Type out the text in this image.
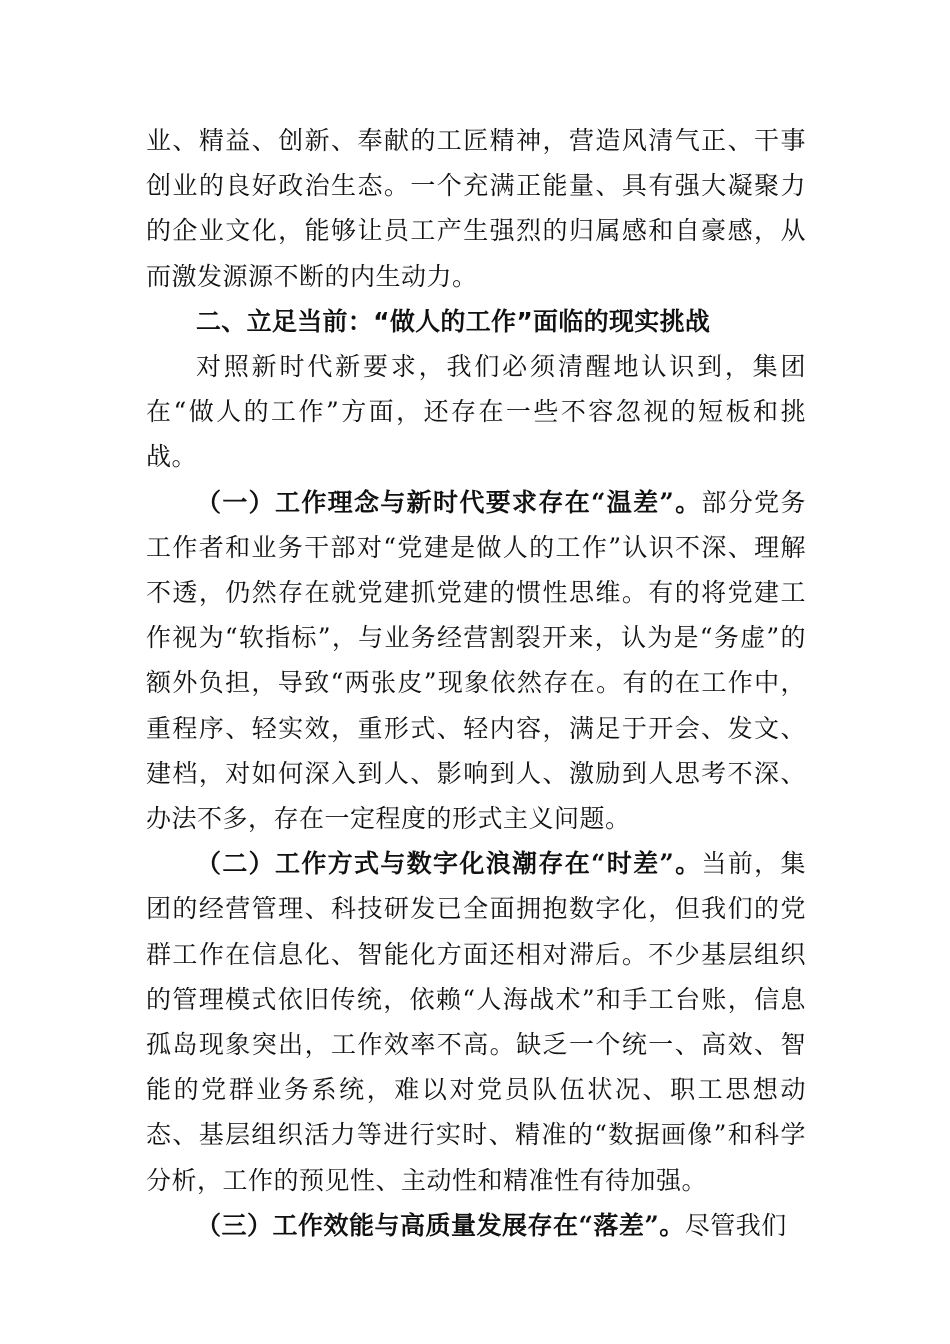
业、精益、创新、奉献的工匠精神，营造风清气正、干事创业的良好政治生态。一个充满正能量、具有强大凝聚力的企业文化，能够让员工产生强烈的归属感和自豪感，从而激发源源不断的内生动力。

二、立足当前：“做人的工作”面临的现实挑战

对照新时代新要求，我们必须清醒地认识到，集团在“做人的工作”方面，还存在一些不容忽视的短板和挑战。

（一）工作理念与新时代要求存在“温差”。部分党务工作者和业务干部对“党建是做人的工作”认识不深、理解不透，仍然存在就党建抓党建的惯性思维。有的将党建工作视为“软指标”，与业务经营割裂开来，认为是“务虚”的额外负担，导致“两张皮”现象依然存在。有的在工作中，重程序、轻实效，重形式、轻内容，满足于开会、发文、建档，对如何深入到人、影响到人、激励到人思考不深、办法不多，存在一定程度的形式主义问题。

（二）工作方式与数字化浪潮存在“时差”。当前，集团的经营管理、科技研发已全面拥抱数字化，但我们的党群工作在信息化、智能化方面还相对滞后。不少基层组织的管理模式依旧传统，依赖“人海战术”和手工台账，信息孤岛现象突出，工作效率不高。缺乏一个统一、高效、智能的党群业务系统，难以对党员队伍状况、职工思想动态、基层组织活力等进行实时、精准的“数据画像”和科学分析，工作的预见性、主动性和精准性有待加强。

（三）工作效能与高质量发展存在“落差”。尽管我们
